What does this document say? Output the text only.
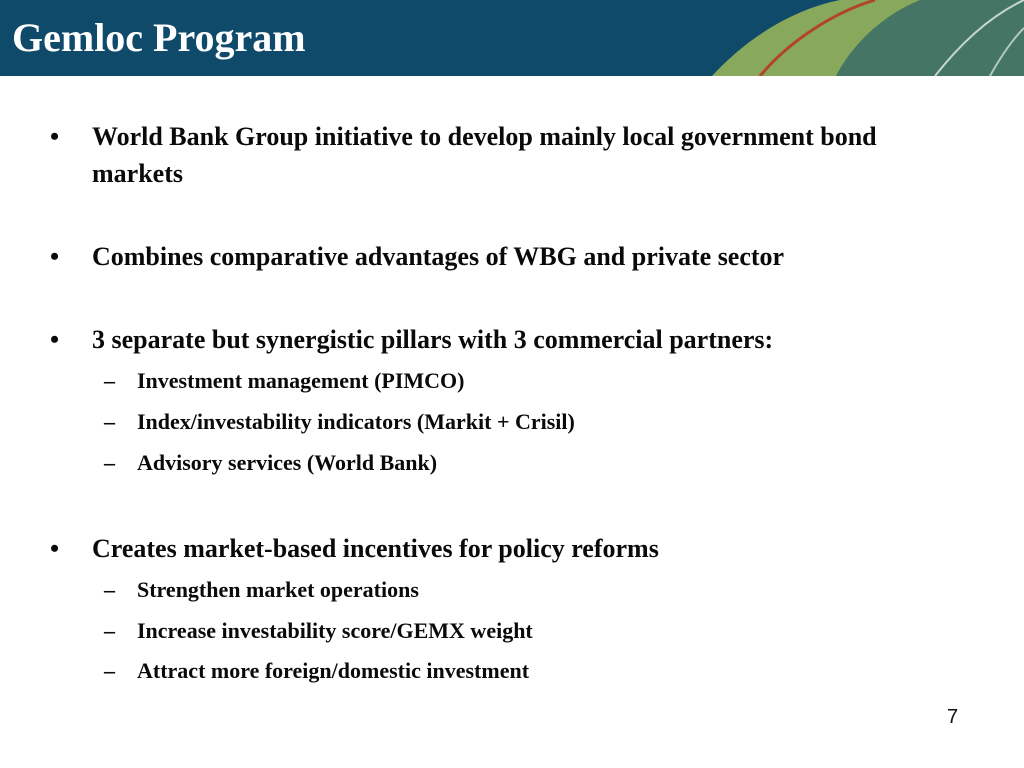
Gemloc Program
•	World Bank Group initiative to develop mainly local government bond markets
•	Combines comparative advantages of WBG and private sector
•	3 separate but synergistic pillars with 3 commercial partners:
– Investment management (PIMCO)
– Index/investability indicators (Markit + Crisil)
– Advisory services (World Bank)
•	Creates market-based incentives for policy reforms
– Strengthen market operations
– Increase investability score/GEMX weight
– Attract more foreign/domestic investment
7
